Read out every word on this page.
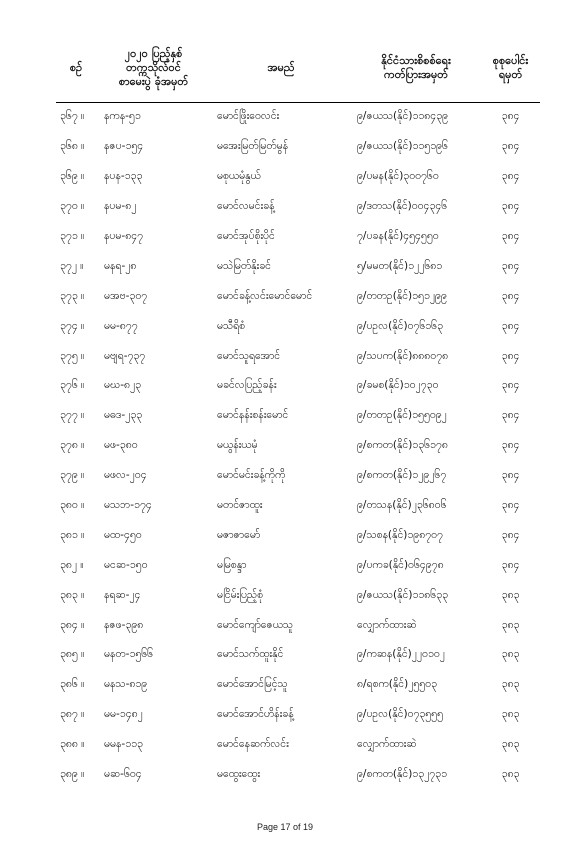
စဉ်	၂၀၂၀ ပြည့်နှစ်
တက္ကသိုလ်ဝင်
စာမေးပွဲ ခုံအမှတ်	အမည်	နိုင်ငံသားစိစစ်ရေး
ကတ်ပြားအမှတ်	စုစုပေါင်း
ရမှတ်
၃၆၇ ။	နကန-၅၁	မောင်ဖြိုးဝေလင်း	၉/ဇယသ(နိုင်)၁၁၈၄၃၉	၃၈၄
၃၆၈ ။	နဇပ-၁၅၄	မအေးမြတ်မြတ်မွန်	၉/ဇယသ(နိုင်)၁၁၅၁၉၆	၃၈၄
၃၆၉ ။	နပန-၁၃၃	မစုယမုံနွယ်	၉/ပမန(နိုင်)၃၀၀၇၆၀	၃၈၄
၃၇၀ ။	နပမ-၈၂	မောင်လမင်းခန့်	၉/ဒတသ(နိုင်)၀၀၄၃၄၆	၃၈၄
၃၇၁ ။	နပမ-၈၄၇	မောင်အုပ်စိုးပိုင်	၇/ပခန(နိုင်)၄၅၄၅၅၀	၃၈၄
၃၇၂ ။	မနရ-၂၈	မသဲမြတ်နိုးခင်	၅/မမတ(နိုင်)၁၂၂၆၈၁	၃၈၄
၃၇၃ ။	မအဗ-၃၀၇	မောင်ခန့်လင်းမောင်မောင်	၉/တတဥ(နိုင်)၁၅၁၂၉၉	၃၈၄
၃၇၄ ။	မမ-၈၇၇	မသီရိစံ	၉/ပဥလ(နိုင်)၀၇၆၁၆၃	၃၈၄
၃၇၅ ။	မဗျရ-၇၃၇	မောင်သူရအောင်	၉/သပက(နိုင်)၈၈၈၀၇၈	၃၈၄
၃၇၆ ။	မဃ-၈၂၃	မခင်လပြည့်ခန်း	၉/ခမစ(နိုင်)၁၀၂၇၃၀	၃၈၄
၃၇၇ ။	မဓဒ-၂၃၃	မောင်နန်းစန်းမောင်	၉/တတဥ(နိုင်)၁၅၅၀၉၂	၃၈၄
၃၇၈ ။	မဖ-၃၈၀	မယွန်းယမုံ	၉/စကတ(နိုင်)၁၃၆၁၇၈	၃၈၄
၃၇၉ ။	မဖလ-၂၀၄	မောင်မင်းခန့်ကိုကို	၉/စကတ(နိုင်)၁၂၉၂၆၇	၃၈၄
၃၈၀ ။	မသဘ-၁၇၄	မတင်ဇာထူး	၉/တသန(နိုင်)၂၃၆၈၀၆	၃၈၄
၃၈၁ ။	မထ-၄၅၀	မဇာဇာမော်	၉/သစန(နိုင်)၁၉၈၇၀၇	၃၈၄
၃၈၂ ။	မငဆ-၁၅၀	မမြစန္ဒာ	၉/ပကခ(နိုင်)၀၆၄၉၇၈	၃၈၄
၃၈၃ ။	နရဆ-၂၄	မငြိမ်းပြည့်စုံ	၉/ဇယသ(နိုင်)၁၁၈၆၃၃	၃၈၃
၃၈၄ ။	နဇဖ-၃၉၈	မောင်ကျော်ဇေယသူ	လျှောက်ထားဆဲ	၃၈၃
၃၈၅ ။	မနတ-၁၅၆၆	မောင်သက်ထူးနိုင်	၉/ကဆန(နိုင်)၂၂၀၁၀၂	၃၈၃
၃၈၆ ။	မနသ-၈၁၉	မောင်အောင်မြင့်သူ	၈/ရစက(နိုင်)၂၅၅၀၃	၃၈၃
၃၈၇ ။	မမ-၁၄၈၂	မောင်အောင်ဟိန်းခန့်	၉/ပဥလ(နိုင်)၀၇၃၅၅၅	၃၈၃
၃၈၈ ။	မမန-၁၁၃	မောင်နေဆက်လင်း	လျှောက်ထားဆဲ	၃၈၃
၃၈၉ ။	မဆ-၆၀၄	မထွေးထွေး	၉/စကတ(နိုင်)၁၃၂၇၃၁	၃၈၃
Page 17 of 19
